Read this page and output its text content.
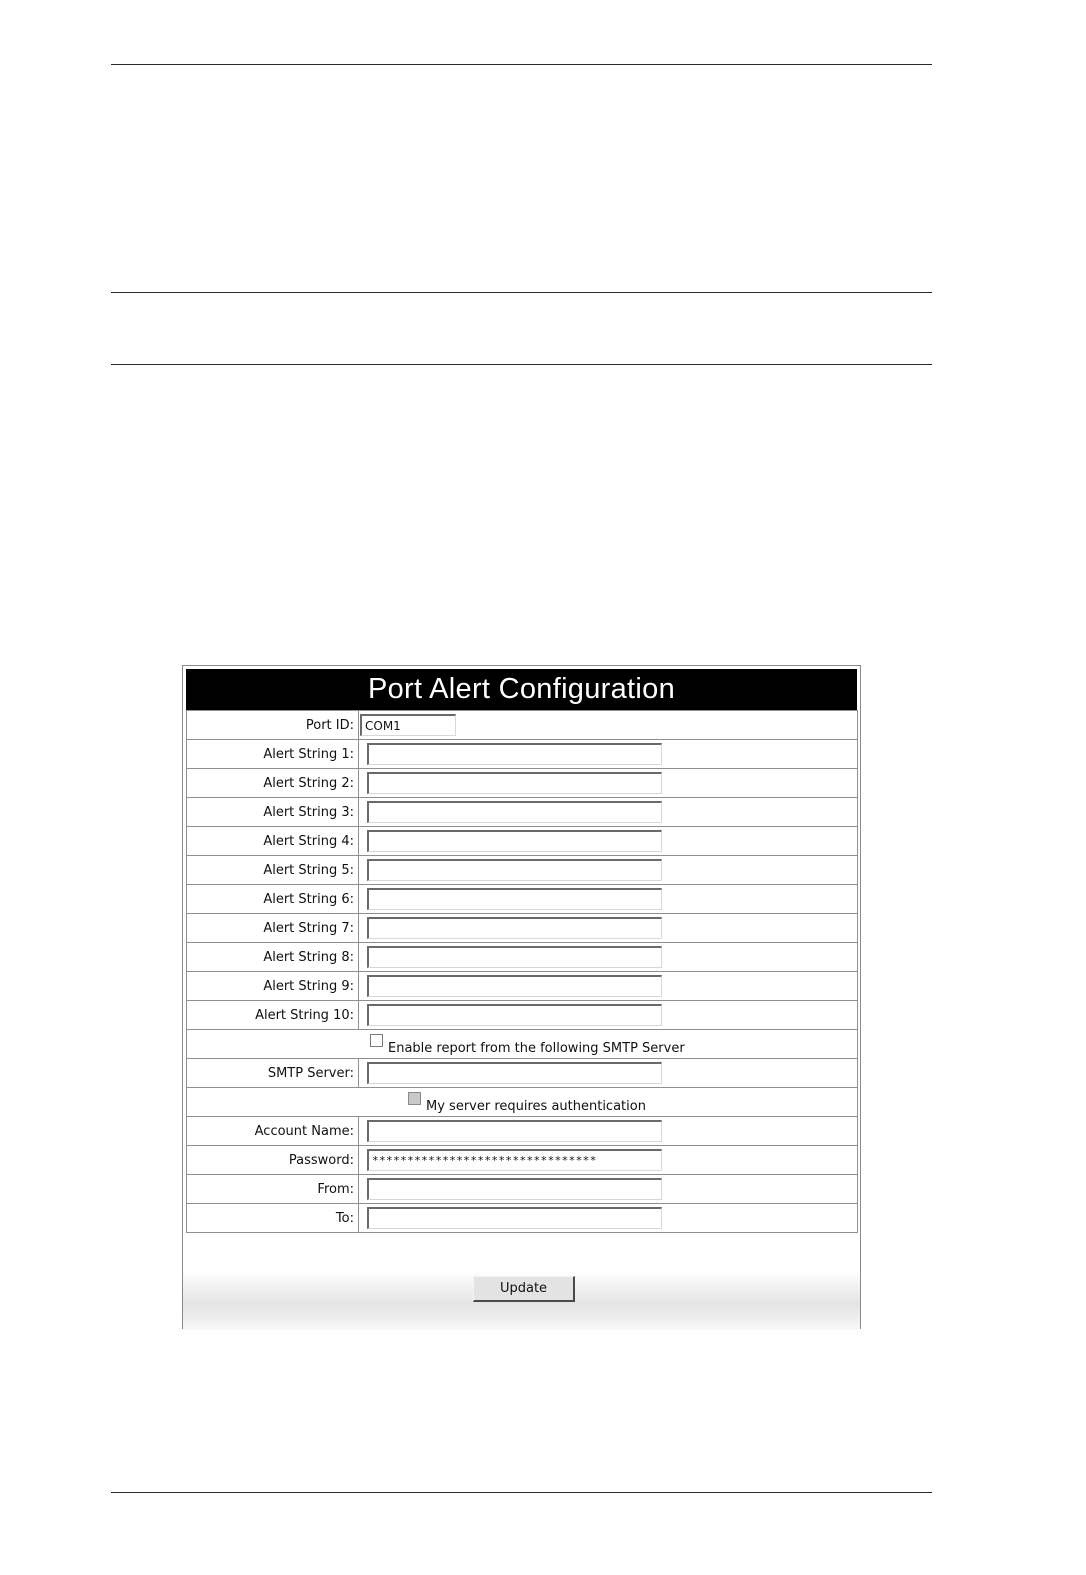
Port Alert Configuration
Port ID:	
COM1
Alert String 1:	

Alert String 2:	

Alert String 3:	

Alert String 4:	

Alert String 5:	

Alert String 6:	

Alert String 7:	

Alert String 8:	

Alert String 9:	

Alert String 10:	

Enable report from the following SMTP Server	

SMTP Server:	

My server requires authentication	

Account Name:	

Password:	
********************************
From:	

To:	
Update
